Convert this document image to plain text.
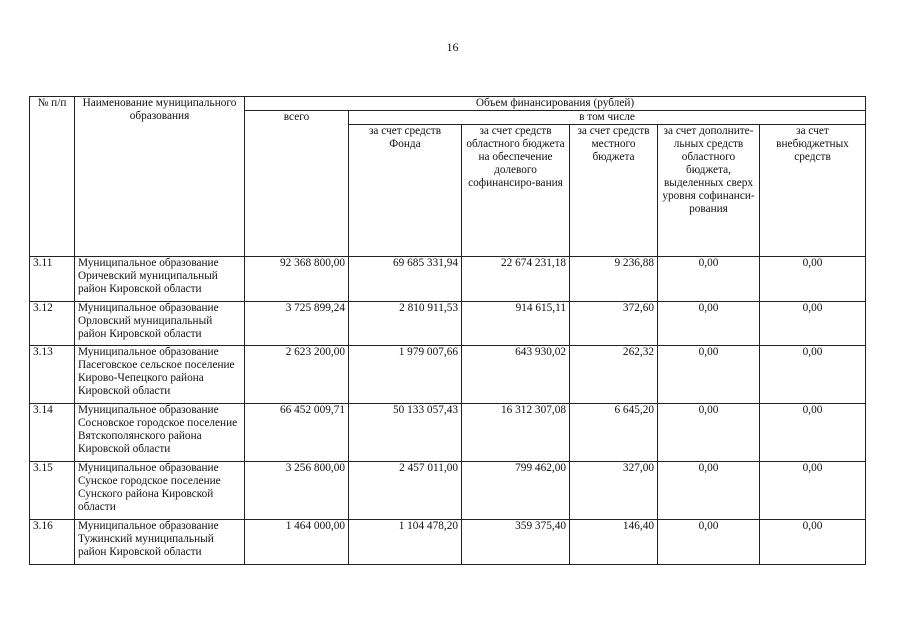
16
№ п/п	Наименование муниципального образования	Объем финансирования (рублей)					
		всего	в том числе				
			за счет средств Фонда	за счет средств областного бюджета на обеспечение долевого софинансиро-вания	за счет средств местного бюджета	за счет дополните-льных средств областного бюджета, выделенных сверх уровня софинанси-рования	за счет внебюджетных средств
3.11	Муниципальное образование Оричевский муниципальный район Кировской области	92 368 800,00	69 685 331,94	22 674 231,18	9 236,88	0,00	0,00
3.12	Муниципальное образование Орловский муниципальный район Кировской области	3 725 899,24	2 810 911,53	914 615,11	372,60	0,00	0,00
3.13	Муниципальное образование Пасеговское сельское поселение Кирово-Чепецкого района Кировской области	2 623 200,00	1 979 007,66	643 930,02	262,32	0,00	0,00
3.14	Муниципальное образование Сосновское городское поселение Вятскополянского района Кировской области	66 452 009,71	50 133 057,43	16 312 307,08	6 645,20	0,00	0,00
3.15	Муниципальное образование Сунское городское поселение Сунского района Кировской области	3 256 800,00	2 457 011,00	799 462,00	327,00	0,00	0,00
3.16	Муниципальное образование Тужинский муниципальный район Кировской области	1 464 000,00	1 104 478,20	359 375,40	146,40	0,00	0,00
